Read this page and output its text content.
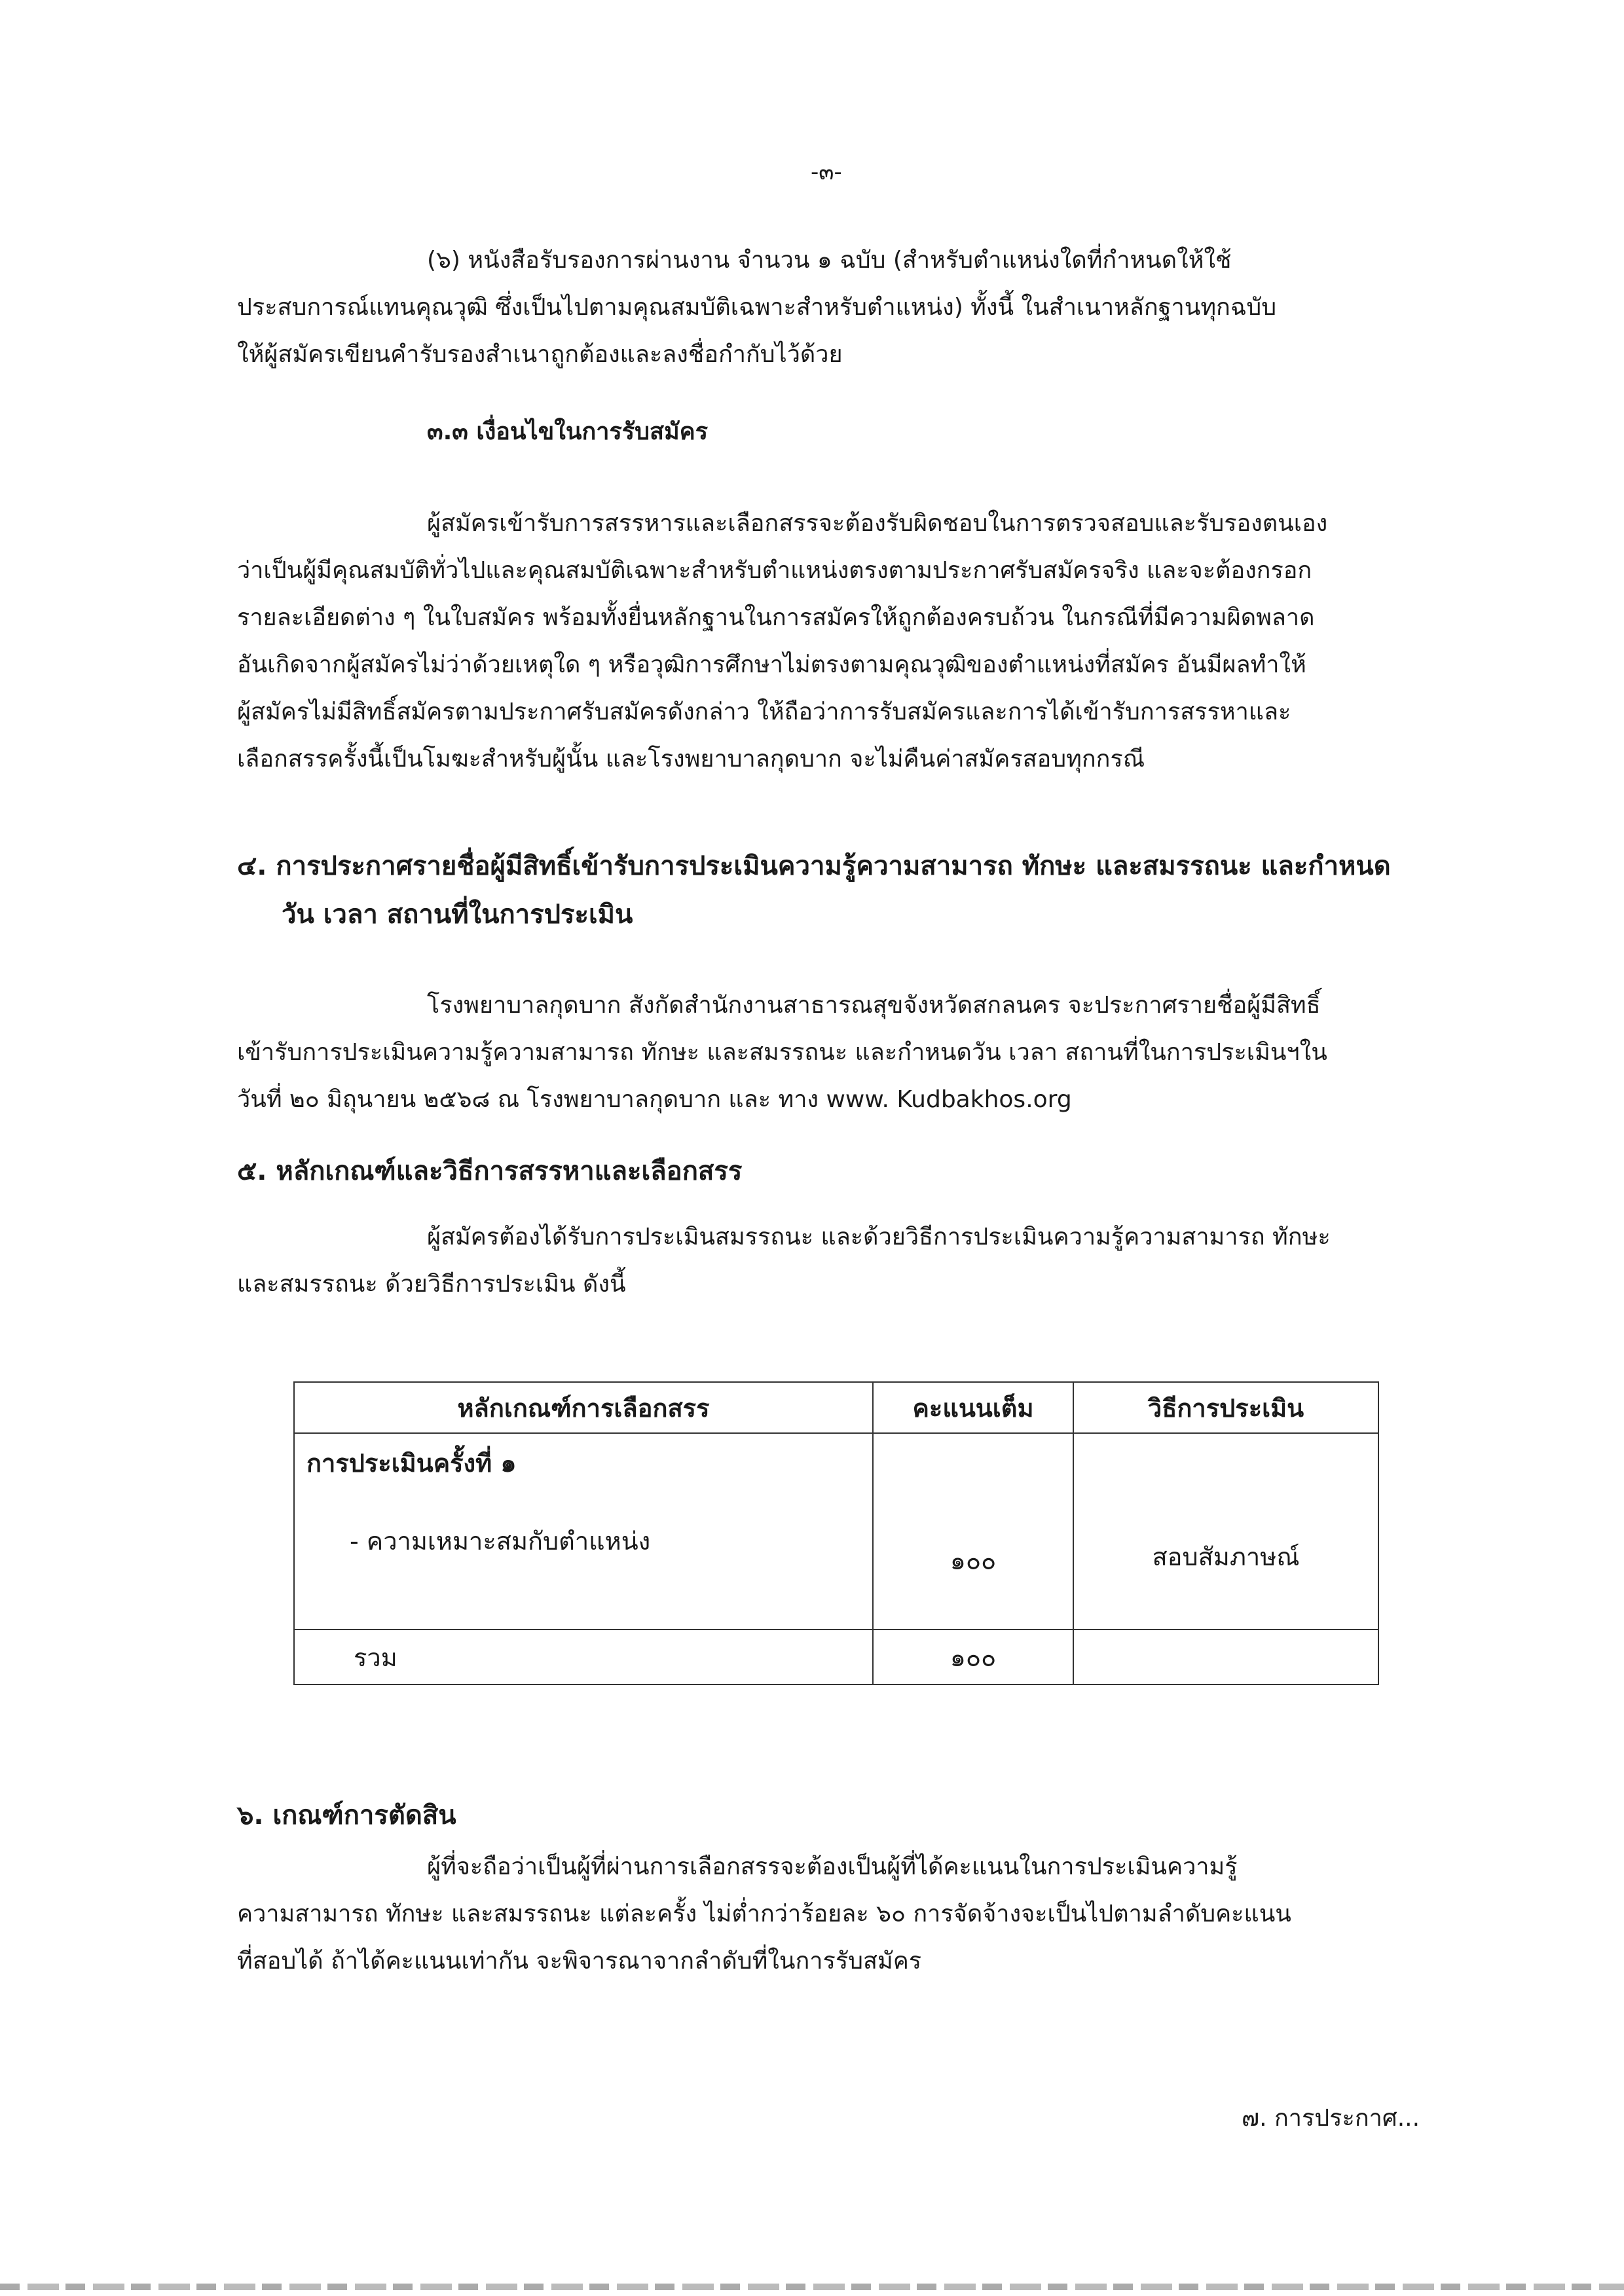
-๓-
(๖) หนังสือรับรองการผ่านงาน จำนวน ๑ ฉบับ (สำหรับตำแหน่งใดที่กำหนดให้ใช้
ประสบการณ์แทนคุณวุฒิ ซึ่งเป็นไปตามคุณสมบัติเฉพาะสำหรับตำแหน่ง) ทั้งนี้ ในสำเนาหลักฐานทุกฉบับ
ให้ผู้สมัครเขียนคำรับรองสำเนาถูกต้องและลงชื่อกำกับไว้ด้วย
๓.๓ เงื่อนไขในการรับสมัคร
ผู้สมัครเข้ารับการสรรหารและเลือกสรรจะต้องรับผิดชอบในการตรวจสอบและรับรองตนเอง
ว่าเป็นผู้มีคุณสมบัติทั่วไปและคุณสมบัติเฉพาะสำหรับตำแหน่งตรงตามประกาศรับสมัครจริง และจะต้องกรอก
รายละเอียดต่าง ๆ ในใบสมัคร พร้อมทั้งยื่นหลักฐานในการสมัครให้ถูกต้องครบถ้วน ในกรณีที่มีความผิดพลาด
อันเกิดจากผู้สมัครไม่ว่าด้วยเหตุใด ๆ หรือวุฒิการศึกษาไม่ตรงตามคุณวุฒิของตำแหน่งที่สมัคร อันมีผลทำให้
ผู้สมัครไม่มีสิทธิ์สมัครตามประกาศรับสมัครดังกล่าว ให้ถือว่าการรับสมัครและการได้เข้ารับการสรรหาและ
เลือกสรรครั้งนี้เป็นโมฆะสำหรับผู้นั้น และโรงพยาบาลกุดบาก จะไม่คืนค่าสมัครสอบทุกกรณี
๔. การประกาศรายชื่อผู้มีสิทธิ์เข้ารับการประเมินความรู้ความสามารถ ทักษะ และสมรรถนะ และกำหนด
วัน เวลา สถานที่ในการประเมิน
โรงพยาบาลกุดบาก สังกัดสำนักงานสาธารณสุขจังหวัดสกลนคร จะประกาศรายชื่อผู้มีสิทธิ์
เข้ารับการประเมินความรู้ความสามารถ ทักษะ และสมรรถนะ และกำหนดวัน เวลา สถานที่ในการประเมินฯใน
วันที่ ๒๐ มิถุนายน ๒๕๖๘ ณ โรงพยาบาลกุดบาก และ ทาง www. Kudbakhos.org
๕. หลักเกณฑ์และวิธีการสรรหาและเลือกสรร
ผู้สมัครต้องได้รับการประเมินสมรรถนะ และด้วยวิธีการประเมินความรู้ความสามารถ ทักษะ
และสมรรถนะ ด้วยวิธีการประเมิน ดังนี้
หลักเกณฑ์การเลือกสรร	คะแนนเต็ม	วิธีการประเมิน

การประเมินครั้งที่ ๑
- ความเหมาะสมกับตำแหน่ง	๑๐๐	สอบสัมภาษณ์
รวม	๑๐๐	
๖. เกณฑ์การตัดสิน
ผู้ที่จะถือว่าเป็นผู้ที่ผ่านการเลือกสรรจะต้องเป็นผู้ที่ได้คะแนนในการประเมินความรู้
ความสามารถ ทักษะ และสมรรถนะ แต่ละครั้ง ไม่ต่ำกว่าร้อยละ ๖๐ การจัดจ้างจะเป็นไปตามลำดับคะแนน
ที่สอบได้ ถ้าได้คะแนนเท่ากัน จะพิจารณาจากลำดับที่ในการรับสมัคร
๗. การประกาศ...
